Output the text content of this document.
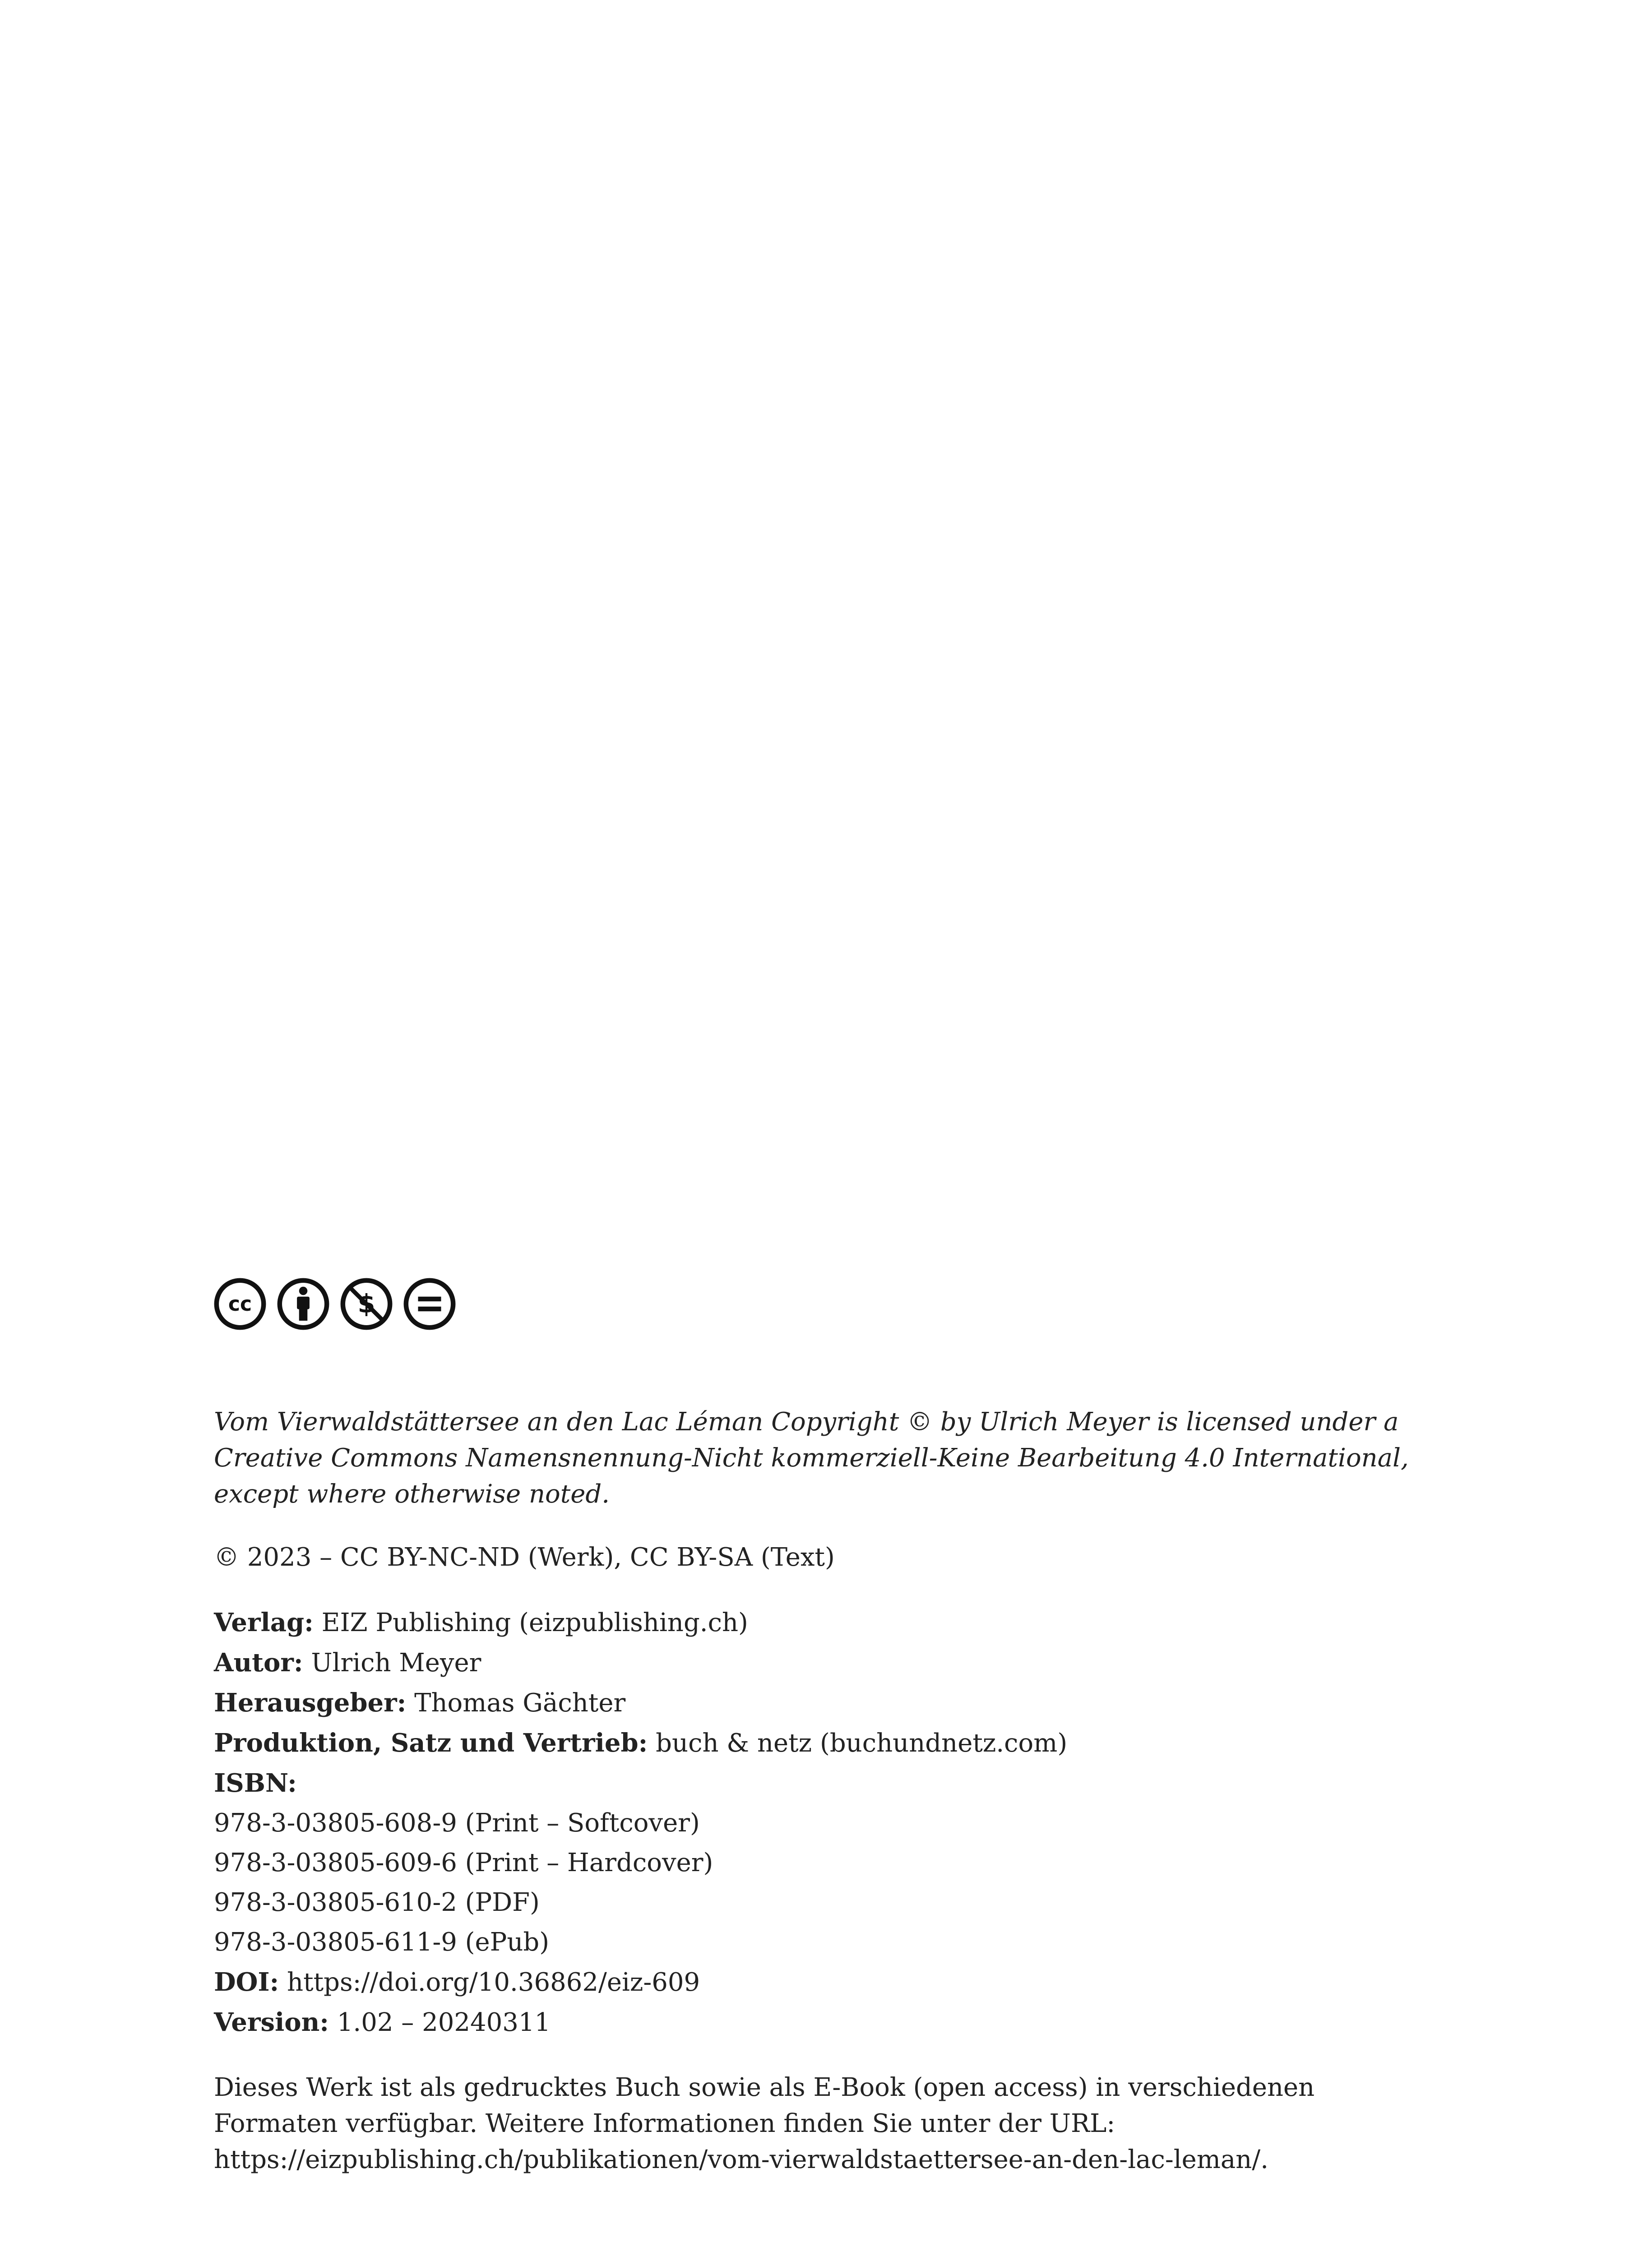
cc	$

Vom Vierwaldstättersee an den Lac Léman Copyright © by Ulrich Meyer is licensed under a Creative Commons Namensnennung-Nicht kommerziell-Keine Bearbeitung 4.0 International, except where otherwise noted.

© 2023 – CC BY-NC-ND (Werk), CC BY-SA (Text)

Verlag: EIZ Publishing (eizpublishing.ch)
Autor: Ulrich Meyer
Herausgeber: Thomas Gächter
Produktion, Satz und Vertrieb: buch & netz (buchundnetz.com)
ISBN:
978-3-03805-608-9 (Print – Softcover)
978-3-03805-609-6 (Print – Hardcover)
978-3-03805-610-2 (PDF)
978-3-03805-611-9 (ePub)
DOI: https://doi.org/10.36862/eiz-609
Version: 1.02 – 20240311

Dieses Werk ist als gedrucktes Buch sowie als E-Book (open access) in verschiedenen Formaten verfügbar. Weitere Informationen finden Sie unter der URL:

https://eizpublishing.ch/publikationen/vom-vierwaldstaettersee-an-den-lac-leman/.
